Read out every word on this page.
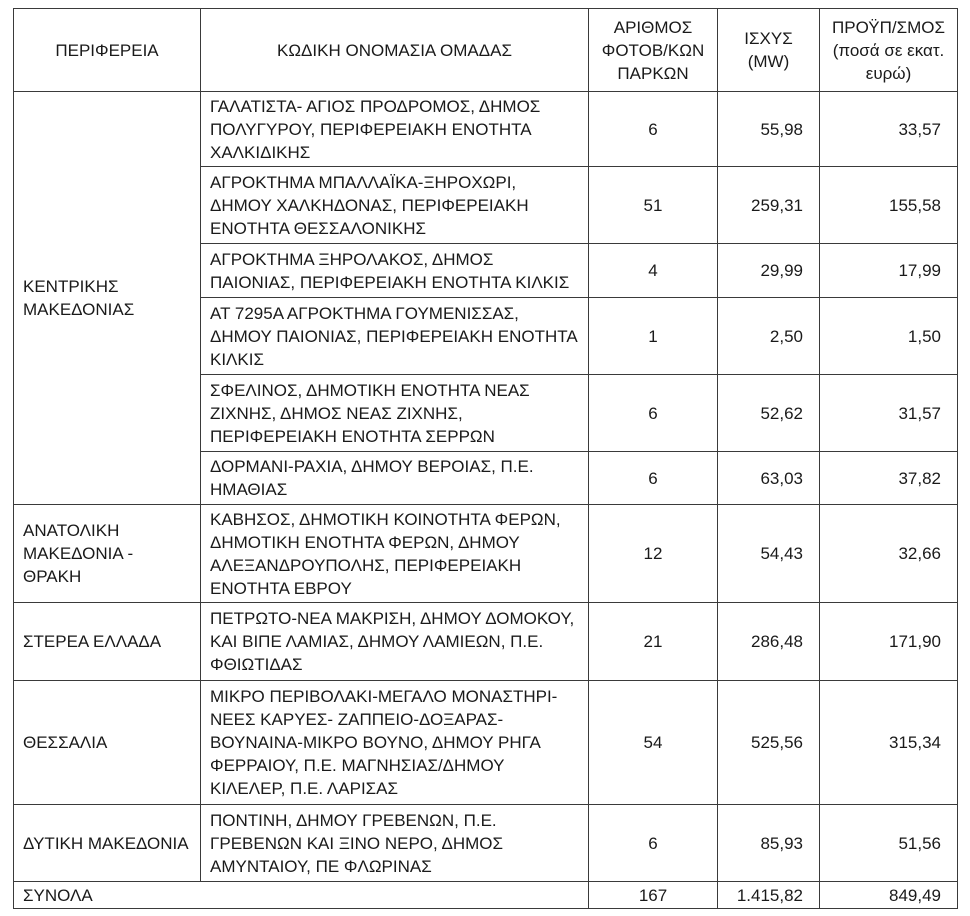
ΠΕΡΙΦΕΡΕΙΑ	ΚΩΔΙΚΗ ΟΝΟΜΑΣΙΑ ΟΜΑΔΑΣ	ΑΡΙΘΜΟΣ ΦΟΤΟΒ/ΚΩΝ ΠΑΡΚΩΝ	ΙΣΧΥΣ (MW)	ΠΡΟΫΠ/ΣΜΟΣ (ποσά σε εκατ. ευρώ)
ΚΕΝΤΡΙΚΗΣ ΜΑΚΕΔΟΝΙΑΣ	ΓΑΛΑΤΙΣΤΑ- ΑΓΙΟΣ ΠΡΟΔΡΟΜΟΣ, ΔΗΜΟΣ ΠΟΛΥΓΥΡΟΥ, ΠΕΡΙΦΕΡΕΙΑΚΗ ΕΝΟΤΗΤΑ ΧΑΛΚΙΔΙΚΗΣ	6	55,98	33,57
	ΑΓΡΟΚΤΗΜΑ ΜΠΑΛΛΑΪΚΑ-ΞΗΡΟΧΩΡΙ, ΔΗΜΟΥ ΧΑΛΚΗΔΟΝΑΣ, ΠΕΡΙΦΕΡΕΙΑΚΗ ΕΝΟΤΗΤΑ ΘΕΣΣΑΛΟΝΙΚΗΣ	51	259,31	155,58
	ΑΓΡΟΚΤΗΜΑ ΞΗΡΟΛΑΚΟΣ, ΔΗΜΟΣ ΠΑΙΟΝΙΑΣ, ΠΕΡΙΦΕΡΕΙΑΚΗ ΕΝΟΤΗΤΑ ΚΙΛΚΙΣ	4	29,99	17,99
	ΑΤ 7295Α ΑΓΡΟΚΤΗΜΑ ΓΟΥΜΕΝΙΣΣΑΣ, ΔΗΜΟΥ ΠΑΙΟΝΙΑΣ, ΠΕΡΙΦΕΡΕΙΑΚΗ ΕΝΟΤΗΤΑ ΚΙΛΚΙΣ	1	2,50	1,50
	ΣΦΕΛΙΝΟΣ, ΔΗΜΟΤΙΚΗ ΕΝΟΤΗΤΑ ΝΕΑΣ ΖΙΧΝΗΣ, ΔΗΜΟΣ ΝΕΑΣ ΖΙΧΝΗΣ, ΠΕΡΙΦΕΡΕΙΑΚΗ ΕΝΟΤΗΤΑ ΣΕΡΡΩΝ	6	52,62	31,57
	ΔΟΡΜΑΝΙ-ΡΑΧΙΑ, ΔΗΜΟΥ ΒΕΡΟΙΑΣ, Π.Ε. ΗΜΑΘΙΑΣ	6	63,03	37,82
ΑΝΑΤΟΛΙΚΗ ΜΑΚΕΔΟΝΙΑ - ΘΡΑΚΗ	ΚΑΒΗΣΟΣ, ΔΗΜΟΤΙΚΗ ΚΟΙΝΟΤΗΤΑ ΦΕΡΩΝ, ΔΗΜΟΤΙΚΗ ΕΝΟΤΗΤΑ ΦΕΡΩΝ, ΔΗΜΟΥ ΑΛΕΞΑΝΔΡΟΥΠΟΛΗΣ, ΠΕΡΙΦΕΡΕΙΑΚΗ ΕΝΟΤΗΤΑ ΕΒΡΟΥ	12	54,43	32,66
ΣΤΕΡΕΑ ΕΛΛΑΔΑ	ΠΕΤΡΩΤΟ-ΝΕΑ ΜΑΚΡΙΣΗ, ΔΗΜΟΥ ΔΟΜΟΚΟΥ, ΚΑΙ ΒΙΠΕ ΛΑΜΙΑΣ, ΔΗΜΟΥ ΛΑΜΙΕΩΝ, Π.Ε. ΦΘΙΩΤΙΔΑΣ	21	286,48	171,90
ΘΕΣΣΑΛΙΑ	ΜΙΚΡΟ ΠΕΡΙΒΟΛΑΚΙ-ΜΕΓΑΛΟ ΜΟΝΑΣΤΗΡΙ-ΝΕΕΣ ΚΑΡΥΕΣ- ΖΑΠΠΕΙΟ-ΔΟΞΑΡΑΣ-ΒΟΥΝΑΙΝΑ-ΜΙΚΡΟ ΒΟΥΝΟ, ΔΗΜΟΥ ΡΗΓΑ ΦΕΡΡΑΙΟΥ, Π.Ε. ΜΑΓΝΗΣΙΑΣ/ΔΗΜΟΥ ΚΙΛΕΛΕΡ, Π.Ε. ΛΑΡΙΣΑΣ	54	525,56	315,34
ΔΥΤΙΚΗ ΜΑΚΕΔΟΝΙΑ	ΠΟΝΤΙΝΗ, ΔΗΜΟΥ ΓΡΕΒΕΝΩΝ, Π.Ε. ΓΡΕΒΕΝΩΝ ΚΑΙ ΞΙΝΟ ΝΕΡΟ, ΔΗΜΟΣ ΑΜΥΝΤΑΙΟΥ, ΠΕ ΦΛΩΡΙΝΑΣ	6	85,93	51,56
ΣΥΝΟΛΑ		167	1.415,82	849,49
